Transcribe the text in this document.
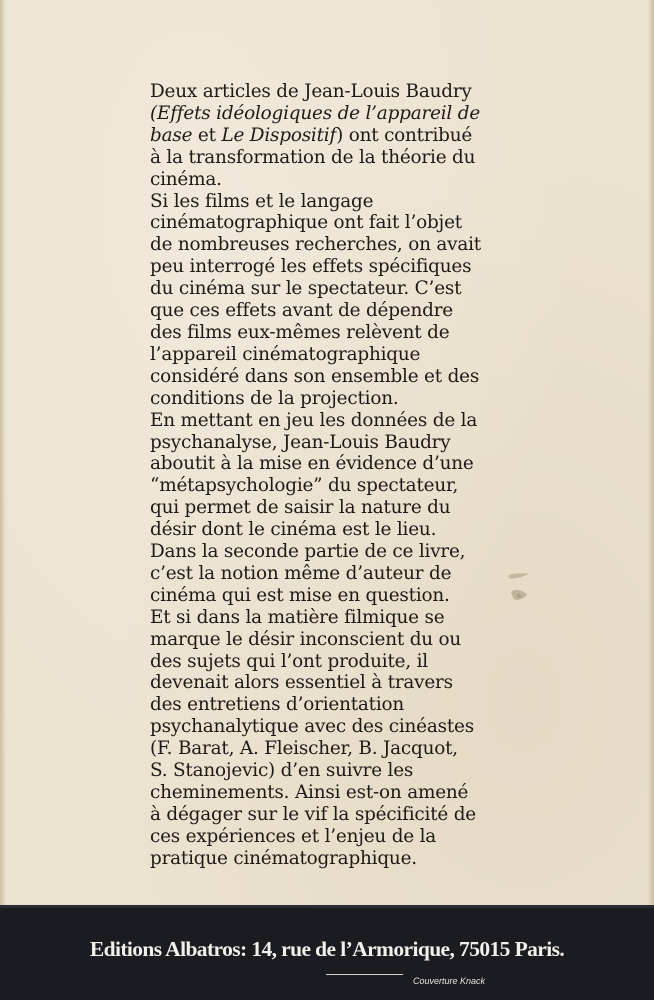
Deux articles de Jean-Louis Baudry
(Effets idéologiques de l’appareil de
base et Le Dispositif) ont contribué
à la transformation de la théorie du
cinéma.
Si les films et le langage
cinématographique ont fait l’objet
de nombreuses recherches, on avait
peu interrogé les effets spécifiques
du cinéma sur le spectateur. C’est
que ces effets avant de dépendre
des films eux-mêmes relèvent de
l’appareil cinématographique
considéré dans son ensemble et des
conditions de la projection.
En mettant en jeu les données de la
psychanalyse, Jean-Louis Baudry
aboutit à la mise en évidence d’une
“métapsychologie” du spectateur,
qui permet de saisir la nature du
désir dont le cinéma est le lieu.
Dans la seconde partie de ce livre,
c’est la notion même d’auteur de
cinéma qui est mise en question.
Et si dans la matière filmique se
marque le désir inconscient du ou
des sujets qui l’ont produite, il
devenait alors essentiel à travers
des entretiens d’orientation
psychanalytique avec des cinéastes
(F. Barat, A. Fleischer, B. Jacquot,
S. Stanojevic) d’en suivre les
cheminements. Ainsi est-on amené
à dégager sur le vif la spécificité de
ces expériences et l’enjeu de la
pratique cinématographique.
Editions Albatros: 14, rue de l’Armorique, 75015 Paris.
Couverture Knack
